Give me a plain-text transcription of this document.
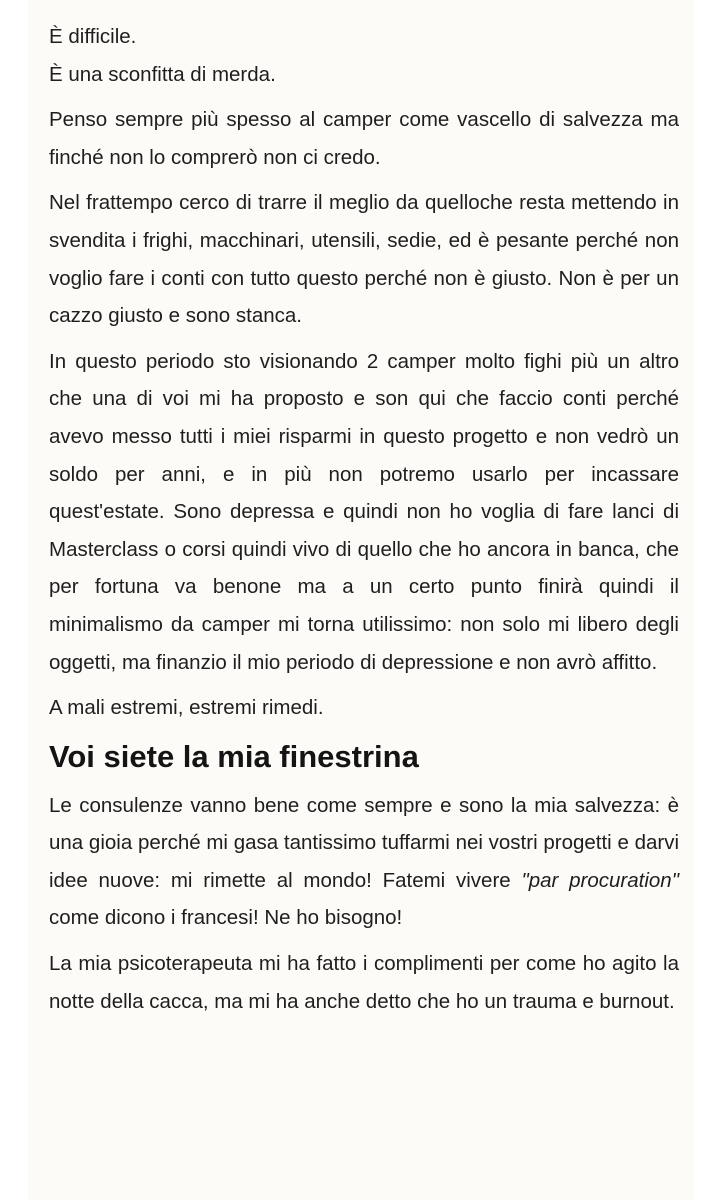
È difficile.
È una sconfitta di merda.

Penso sempre più spesso al camper come vascello di salvezza ma finché non lo comprerò non ci credo.

Nel frattempo cerco di trarre il meglio da quelloche resta mettendo in svendita i frighi, macchinari, utensili, sedie, ed è pesante perché non voglio fare i conti con tutto questo perché non è giusto. Non è per un cazzo giusto e sono stanca.

In questo periodo sto visionando 2 camper molto fighi più un altro che una di voi mi ha proposto e son qui che faccio conti perché avevo messo tutti i miei risparmi in questo progetto e non vedrò un soldo per anni, e in più non potremo usarlo per incassare quest'estate. Sono depressa e quindi non ho voglia di fare lanci di Masterclass o corsi quindi vivo di quello che ho ancora in banca, che per fortuna va benone ma a un certo punto finirà quindi il minimalismo da camper mi torna utilissimo: non solo mi libero degli oggetti, ma finanzio il mio periodo di depressione e non avrò affitto.

A mali estremi, estremi rimedi.

Voi siete la mia finestrina

Le consulenze vanno bene come sempre e sono la mia salvezza: è una gioia perché mi gasa tantissimo tuffarmi nei vostri progetti e darvi idee nuove: mi rimette al mondo! Fatemi vivere "par procuration" come dicono i francesi! Ne ho bisogno!

La mia psicoterapeuta mi ha fatto i complimenti per come ho agito la notte della cacca, ma mi ha anche detto che ho un trauma e burnout.
